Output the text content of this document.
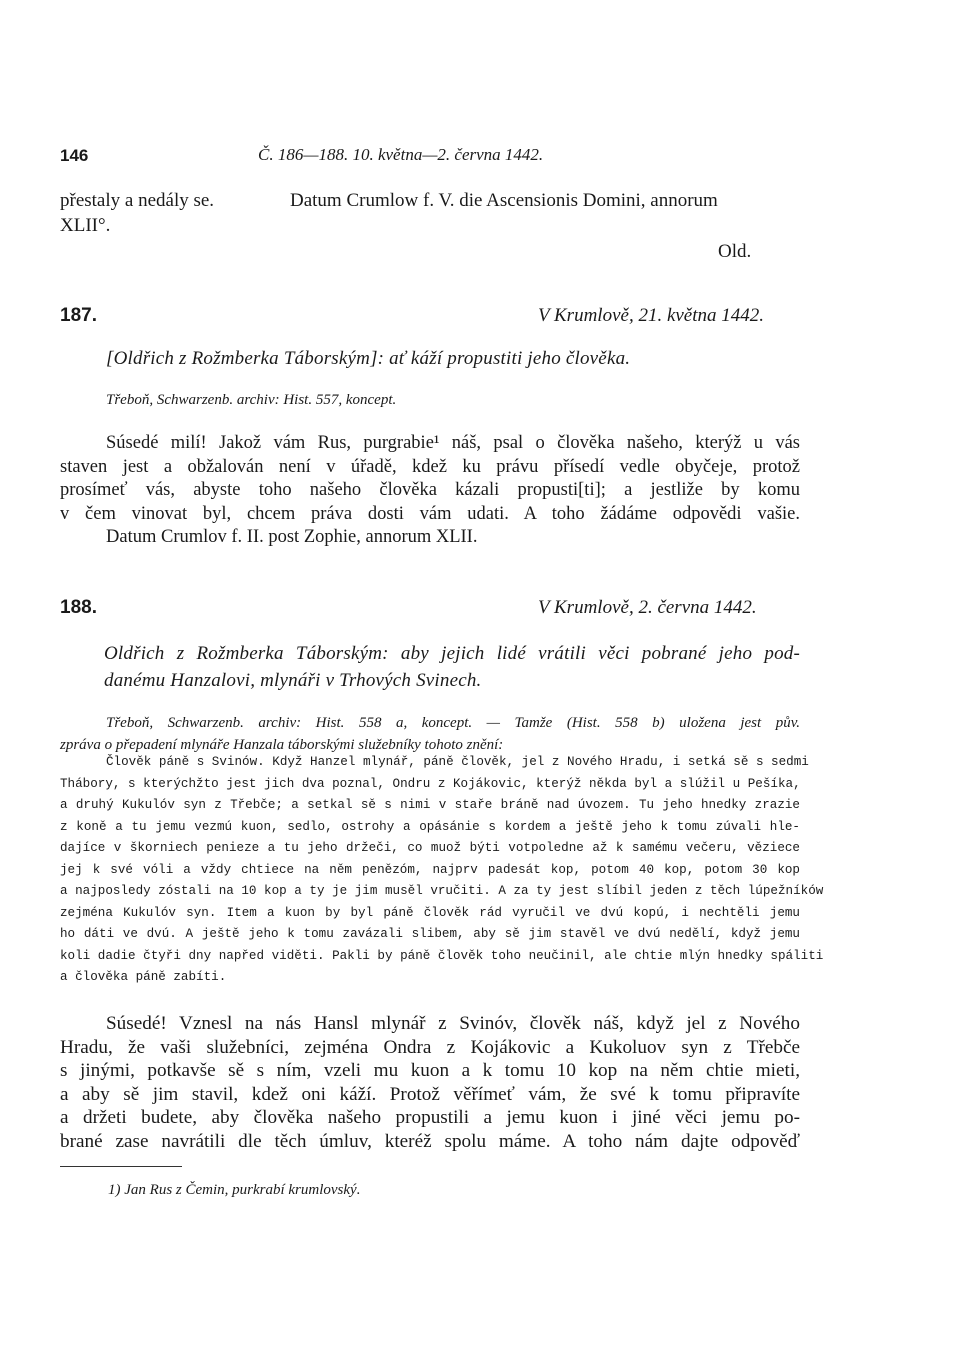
146	Č. 186—188. 10. května—2. června 1442.
přestaly a nedály se.
XLII°.
Datum Crumlow f. V. die Ascensionis Domini, annorum
Old.
187.	V Krumlově, 21. května 1442.
[Oldřich z Rožmberka Táborským]: ať káží propustiti jeho člověka.
Třeboň, Schwarzenb. archiv: Hist. 557, koncept.
Súsedé milí! Jakož vám Rus, purgrabie¹ náš, psal o člověka našeho, kterýž u vás
staven jest a obžalován není v úřadě, kdež ku právu přísedí vedle obyčeje, protož
prosímeť vás, abyste toho našeho člověka kázali propusti[ti]; a jestliže by komu
v čem vinovat byl, chcem práva dosti vám udati. A toho žádáme odpovědi vašie.
Datum Crumlov f. II. post Zophie, annorum XLII.
188.	V Krumlově, 2. června 1442.
Oldřich z Rožmberka Táborským: aby jejich lidé vrátili věci pobrané jeho pod-
danému Hanzalovi, mlynáři v Trhových Svinech.
Třeboň, Schwarzenb. archiv: Hist. 558 a, koncept. — Tamže (Hist. 558 b) uložena jest pův.
zpráva o přepadení mlynáře Hanzala táborskými služebníky tohoto znění:
Člověk páně s Svinów. Když Hanzel mlynář, páně člověk, jel z Nového Hradu, i setká sě s sedmi
Thábory, s kterýchžto jest jich dva poznal, Ondru z Kojákovic, kterýž někda byl a slúžil u Pešíka,
a druhý Kukulóv syn z Třebče; a setkal sě s nimi v staře bráně nad úvozem. Tu jeho hnedky zrazie
z koně a tu jemu vezmú kuon, sedlo, ostrohy a opásánie s kordem a ještě jeho k tomu zúvali hle-
dajíce v škorniech penieze a tu jeho držeči, co muož býti votpoledne až k samému večeru, věziece
jej k své vóli a vždy chtiece na něm penězóm, najprv padesát kop, potom 40 kop, potom 30 kop
a najposledy zóstali na 10 kop a ty je jim musěl vručiti. A za ty jest slíbil jeden z těch lúpežníków
zejména Kukulóv syn. Item a kuon by byl páně člověk rád vyručil ve dvú kopú, i nechtěli jemu
ho dáti ve dvú. A ještě jeho k tomu zavázali slibem, aby sě jim stavěl ve dvú nedělí, když jemu
koli dadie čtyři dny napřed viděti. Pakli by páně člověk toho neučinil, ale chtie mlýn hnedky spáliti
a člověka páně zabíti.
Súsedé! Vznesl na nás Hansl mlynář z Svinóv, člověk náš, když jel z Nového
Hradu, že vaši služebníci, zejména Ondra z Kojákovic a Kukoluov syn z Třebče
s jinými, potkavše sě s ním, vzeli mu kuon a k tomu 10 kop na něm chtie mieti,
a aby sě jim stavil, kdež oni káží. Protož věřímeť vám, že své k tomu připravíte
a držeti budete, aby člověka našeho propustili a jemu kuon i jiné věci jemu po-
brané zase navrátili dle těch úmluv, kteréž spolu máme. A toho nám dajte odpověď
1) Jan Rus z Čemin, purkrabí krumlovský.
